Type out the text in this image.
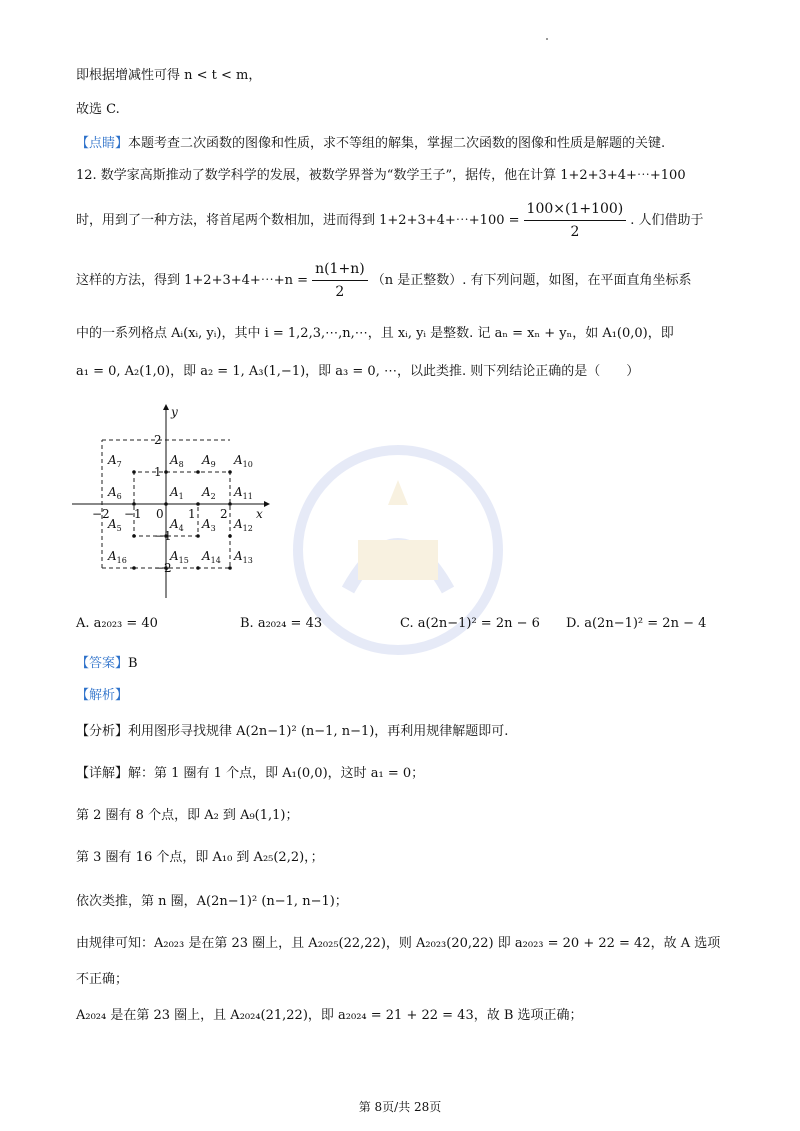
即根据增减性可得 n < t < m，
故选 C.
【点睛】本题考查二次函数的图像和性质，求不等组的解集，掌握二次函数的图像和性质是解题的关键.
12. 数学家高斯推动了数学科学的发展，被数学界誉为“数学王子”，据传，他在计算 1+2+3+4+⋯+100
时，用到了一种方法，将首尾两个数相加，进而得到 1+2+3+4+⋯+100 = $\frac{100\times(1+100)}{2}$ . 人们借助于
这样的方法，得到 1+2+3+4+⋯+n = $\frac{n(1+n)}{2} (n$ 是正整数）. 有下列问题，如图，在平面直角坐标系
中的一系列格点 Aᵢ(xᵢ, yᵢ)，其中 i = 1,2,3,⋯,n,⋯，且 xᵢ, yᵢ 是整数. 记 aₙ = xₙ + yₙ，如 A₁(0,0)，即
a₁ = 0, A₂(1,0)，即 a₂ = 1, A₃(1,−1)，即 a₃ = 0, ⋯，以此类推. 则下列结论正确的是（　　）
x
y
0
−2 −1	1 2
2
1
−1
−2
$A_1$ $A_2$
$A_3$
$A_4$
$A_5$
$A_6$
$A_7$	$A_8$ $A_9$ $A_{10}$
$A_{11}$
$A_{12}$
$A_{13}$
$A_{14}$
$A_{15}$
$A_{16}$
A. a₂₀₂₃ = 40	B. a₂₀₂₄ = 43	C. a(2n−1)² = 2n − 6 D. a(2n−1)² = 2n − 4
【答案】B
【解析】
【分析】利用图形寻找规律 A(2n−1)² (n−1, n−1)，再利用规律解题即可.
【详解】解：第 1 圈有 1 个点，即 A₁(0,0)，这时 a₁ = 0；
第 2 圈有 8 个点，即 A₂ 到 A₉(1,1)；
第 3 圈有 16 个点，即 A₁₀ 到 A₂₅(2,2)，；
依次类推，第 n 圈，A(2n−1)² (n−1, n−1)；
由规律可知：A₂₀₂₃ 是在第 23 圈上，且 A₂₀₂₅(22,22)，则 A₂₀₂₃(20,22) 即 a₂₀₂₃ = 20 + 22 = 42，故 A 选项
不正确；
A₂₀₂₄ 是在第 23 圈上，且 A₂₀₂₄(21,22)，即 a₂₀₂₄ = 21 + 22 = 43，故 B 选项正确；
第 8页/共 28页
